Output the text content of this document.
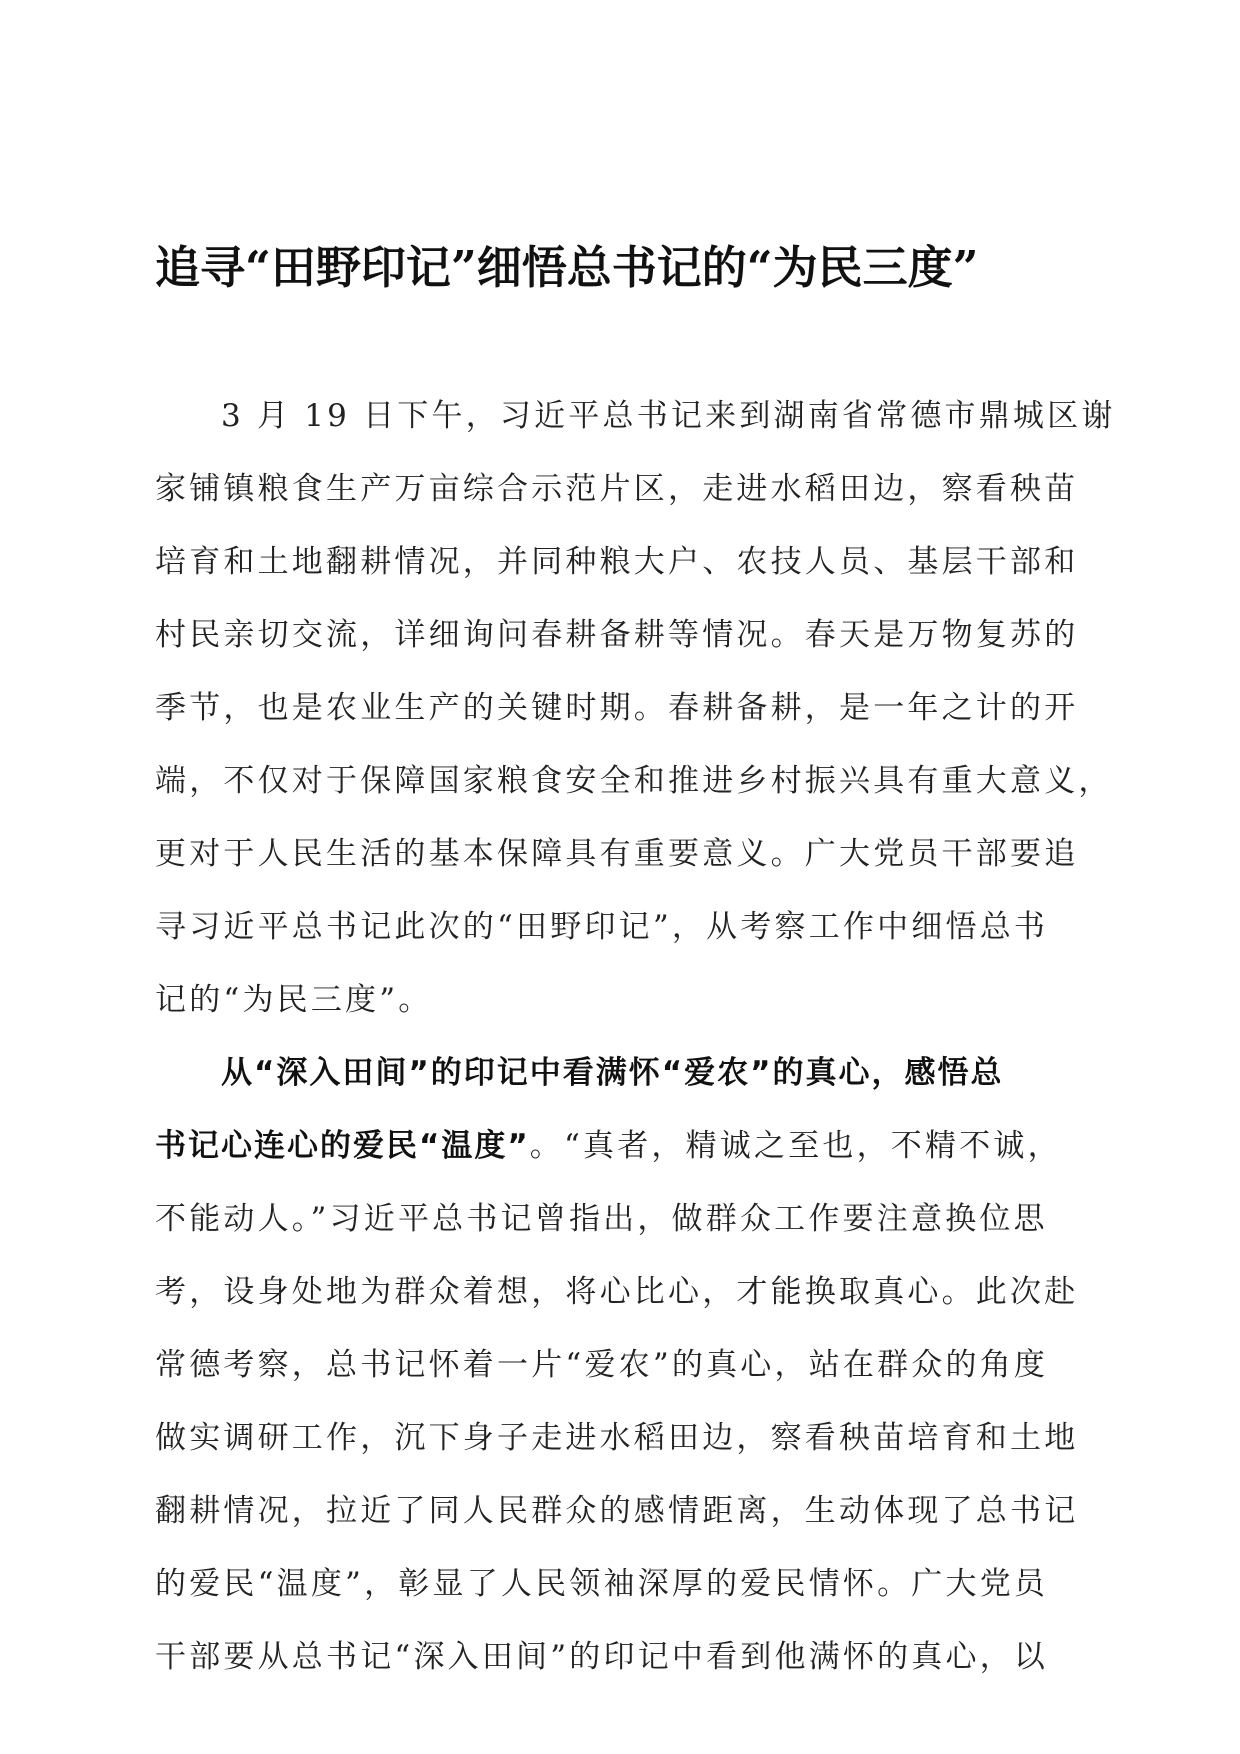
追寻“田野印记”细悟总书记的“为民三度”

3 月 19 日下午，习近平总书记来到湖南省常德市鼎城区谢
家铺镇粮食生产万亩综合示范片区，走进水稻田边，察看秧苗
培育和土地翻耕情况，并同种粮大户、农技人员、基层干部和
村民亲切交流，详细询问春耕备耕等情况。春天是万物复苏的
季节，也是农业生产的关键时期。春耕备耕，是一年之计的开
端，不仅对于保障国家粮食安全和推进乡村振兴具有重大意义，
更对于人民生活的基本保障具有重要意义。广大党员干部要追
寻习近平总书记此次的“田野印记”，从考察工作中细悟总书
记的“为民三度”。

从“深入田间”的印记中看满怀“爱农”的真心，感悟总
书记心连心的爱民“温度”。“真者，精诚之至也，不精不诚，
不能动人。”习近平总书记曾指出，做群众工作要注意换位思
考，设身处地为群众着想，将心比心，才能换取真心。此次赴
常德考察，总书记怀着一片“爱农”的真心，站在群众的角度
做实调研工作，沉下身子走进水稻田边，察看秧苗培育和土地
翻耕情况，拉近了同人民群众的感情距离，生动体现了总书记
的爱民“温度”，彰显了人民领袖深厚的爱民情怀。广大党员
干部要从总书记“深入田间”的印记中看到他满怀的真心，以
